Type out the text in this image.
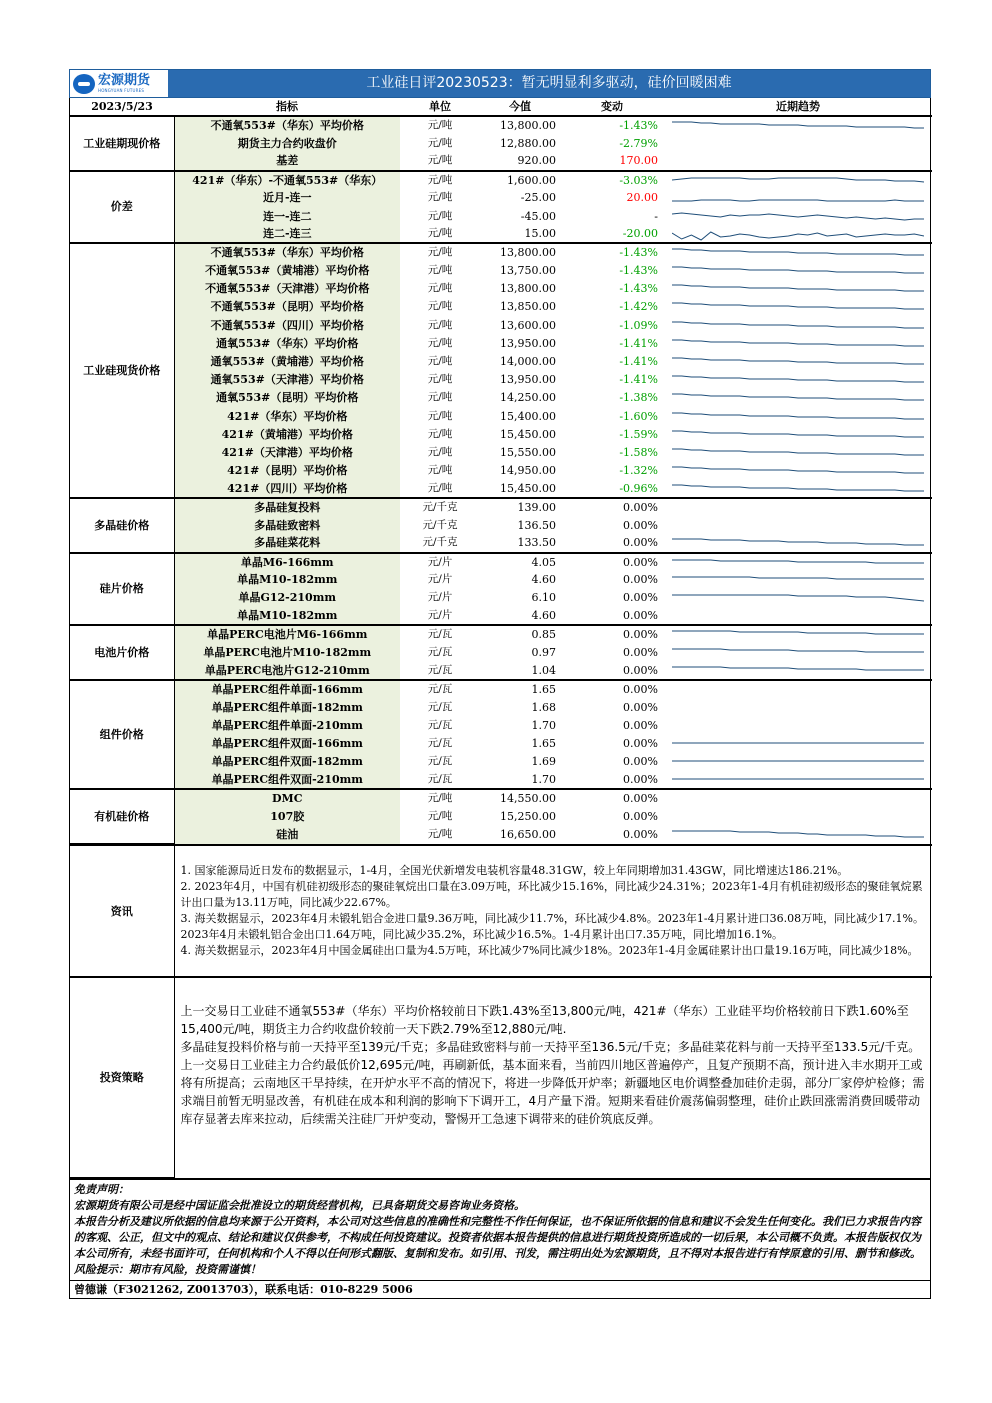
宏源期货
HONGYUAN FUTURES	工业硅日评20230523：暂无明显利多驱动，硅价回暖困难
2023/5/23	指标	单位	今值	变动	近期趋势
工业硅期现价格	不通氧553#（华东）平均价格	元/吨	13,800.00	-1.43%	

	期货主力合约收盘价	元/吨	12,880.00	-2.79%	
	基差	元/吨	920.00	170.00	
价差	421#（华东）-不通氧553#（华东）	元/吨	1,600.00	-3.03%	

	近月-连一	元/吨	-25.00	20.00	

	连一-连二	元/吨	-45.00	-	

	连二-连三	元/吨	15.00	-20.00	

工业硅现货价格	不通氧553#（华东）平均价格	元/吨	13,800.00	-1.43%	

	不通氧553#（黄埔港）平均价格	元/吨	13,750.00	-1.43%	

	不通氧553#（天津港）平均价格	元/吨	13,800.00	-1.43%	

	不通氧553#（昆明）平均价格	元/吨	13,850.00	-1.42%	

	不通氧553#（四川）平均价格	元/吨	13,600.00	-1.09%	

	通氧553#（华东）平均价格	元/吨	13,950.00	-1.41%	

	通氧553#（黄埔港）平均价格	元/吨	14,000.00	-1.41%	

	通氧553#（天津港）平均价格	元/吨	13,950.00	-1.41%	

	通氧553#（昆明）平均价格	元/吨	14,250.00	-1.38%	

	421#（华东）平均价格	元/吨	15,400.00	-1.60%	

	421#（黄埔港）平均价格	元/吨	15,450.00	-1.59%	

	421#（天津港）平均价格	元/吨	15,550.00	-1.58%	

	421#（昆明）平均价格	元/吨	14,950.00	-1.32%	

	421#（四川）平均价格	元/吨	15,450.00	-0.96%	

多晶硅价格	多晶硅复投料	元/千克	139.00	0.00%	
	多晶硅致密料	元/千克	136.50	0.00%	
	多晶硅菜花料	元/千克	133.50	0.00%	

硅片价格	单晶M6-166mm	元/片	4.05	0.00%	

	单晶M10-182mm	元/片	4.60	0.00%	

	单晶G12-210mm	元/片	6.10	0.00%	

	单晶M10-182mm	元/片	4.60	0.00%	
电池片价格	单晶PERC电池片M6-166mm	元/瓦	0.85	0.00%	

	单晶PERC电池片M10-182mm	元/瓦	0.97	0.00%	

	单晶PERC电池片G12-210mm	元/瓦	1.04	0.00%	

组件价格	单晶PERC组件单面-166mm	元/瓦	1.65	0.00%	
	单晶PERC组件单面-182mm	元/瓦	1.68	0.00%	
	单晶PERC组件单面-210mm	元/瓦	1.70	0.00%	
	单晶PERC组件双面-166mm	元/瓦	1.65	0.00%	

	单晶PERC组件双面-182mm	元/瓦	1.69	0.00%	

	单晶PERC组件双面-210mm	元/瓦	1.70	0.00%	

有机硅价格	DMC	元/吨	14,550.00	0.00%	
	107胶	元/吨	15,250.00	0.00%	
	硅油	元/吨	16,650.00	0.00%	
资讯	1. 国家能源局近日发布的数据显示，1-4月，全国光伏新增发电装机容量48.31GW，较上年同期增加31.43GW，同比增速达186.21%。
2. 2023年4月，中国有机硅初级形态的聚硅氧烷出口量在3.09万吨，环比减少15.16%，同比减少24.31%；2023年1-4月有机硅初级形态的聚硅氧烷累计出口量为13.11万吨，同比减少22.67%。
3. 海关数据显示，2023年4月未锻轧铝合金进口量9.36万吨，同比减少11.7%，环比减少4.8%。2023年1-4月累计进口36.08万吨，同比减少17.1%。2023年4月未锻轧铝合金出口1.64万吨，同比减少35.2%，环比减少16.5%。1-4月累计出口7.35万吨，同比增加16.1%。
4. 海关数据显示，2023年4月中国金属硅出口量为4.5万吨，环比减少7%同比减少18%。2023年1-4月金属硅累计出口量19.16万吨，同比减少18%。

投资策略	上一交易日工业硅不通氧553#（华东）平均价格较前日下跌1.43%至13,800元/吨，421#（华东）工业硅平均价格较前日下跌1.60%至15,400元/吨，期货主力合约收盘价较前一天下跌2.79%至12,880元/吨.
多晶硅复投料价格与前一天持平至139元/千克；多晶硅致密料与前一天持平至136.5元/千克；多晶硅菜花料与前一天持平至133.5元/千克。
上一交易日工业硅主力合约最低价12,695元/吨，再刷新低，基本面来看，当前四川地区普遍停产，且复产预期不高，预计进入丰水期开工或将有所提高；云南地区干旱持续，在开炉水平不高的情况下，将进一步降低开炉率；新疆地区电价调整叠加硅价走弱，部分厂家停炉检修；需求端目前暂无明显改善，有机硅在成本和利润的影响下下调开工，4月产量下滑。短期来看硅价震荡偏弱整理，硅价止跌回涨需消费回暖带动库存显著去库来拉动，后续需关注硅厂开炉变动，警惕开工急速下调带来的硅价筑底反弹。
免责声明：
宏源期货有限公司是经中国证监会批准设立的期货经营机构，已具备期货交易咨询业务资格。
本报告分析及建议所依据的信息均来源于公开资料，本公司对这些信息的准确性和完整性不作任何保证，也不保证所依据的信息和建议不会发生任何变化。我们已力求报告内容的客观、公正，但文中的观点、结论和建议仅供参考，不构成任何投资建议。投资者依据本报告提供的信息进行期货投资所造成的一切后果，本公司概不负责。本报告版权仅为本公司所有，未经书面许可，任何机构和个人不得以任何形式翻版、复制和发布。如引用、刊发，需注明出处为宏源期货，且不得对本报告进行有悖原意的引用、删节和修改。
风险提示：期市有风险，投资需谨慎！
曾德谦（F3021262, Z0013703），联系电话：010-8229 5006
